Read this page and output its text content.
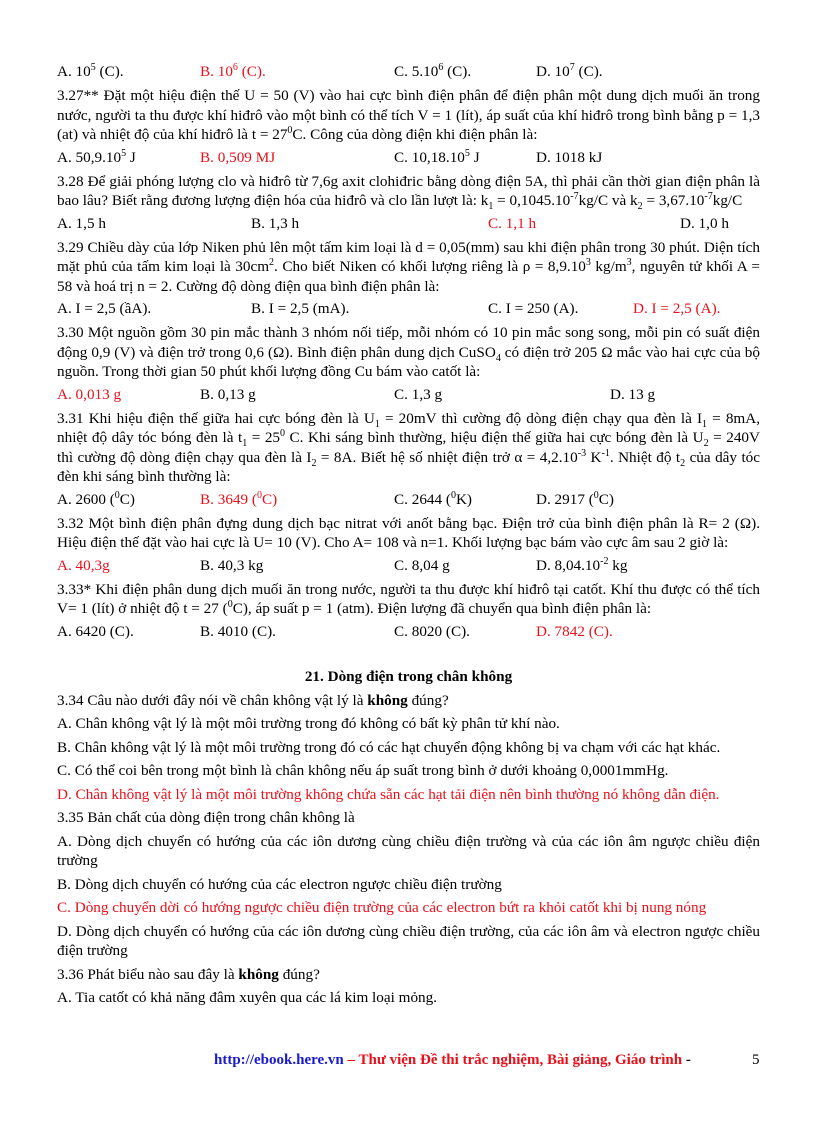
A. $10^5$ (C).	B. $10^6$ (C).	C. 5.10$^6$ (C).	D. $10^7$ (C).

3.27** Đặt một hiệu điện thế U = 50 (V) vào hai cực bình điện phân để điện phân một dung dịch muối ăn trong nước, người ta thu được khí hiđrô vào một bình có thể tích V = 1 (lít), áp suất của khí hiđrô trong bình bằng p = 1,3 (at) và nhiệt độ của khí hiđrô là $t = 27^0C$. Công của dòng điện khi điện phân là:

A. 50,9.10$^5$ J	B. 0,509 MJ	C. 10,18.10$^5$ J	D. 1018 kJ

3.28 Để giải phóng lượng clo và hiđrô từ 7,6g axit clohiđric bằng dòng điện 5A, thì phải cần thời gian điện phân là bao lâu? Biết rằng đương lượng điện hóa của hiđrô và clo lần lượt là: $k_1 = 0,1045.10^{-7}kg/C$ và $k_2 = 3,67.10^{-7}kg/C$

A. 1,5 h	B. 1,3 h	C. 1,1 h	D. 1,0 h

3.29 Chiều dày của lớp Niken phủ lên một tấm kim loại là d = 0,05(mm) sau khi điện phân trong 30 phút. Diện tích mặt phủ của tấm kim loại là $30cm^2$. Cho biết Niken có khối lượng riêng là $\rho = 8,9.10^3$ $kg/m^3$, nguyên tử khối A = 58 và hoá trị n = 2. Cường độ dòng điện qua bình điện phân là:

A. I = 2,5 (ầA).	B. I = 2,5 (mA).	C. I = 250 (A).	D. I = 2,5 (A).

3.30 Một nguồn gồm 30 pin mắc thành 3 nhóm nối tiếp, mỗi nhóm có 10 pin mắc song song, mỗi pin có suất điện động 0,9 (V) và điện trở trong 0,6 (Ω). Bình điện phân dung dịch CuSO$_4$ có điện trở 205 Ω mắc vào hai cực của bộ nguồn. Trong thời gian 50 phút khối lượng đồng Cu bám vào catốt là:

A. 0,013 g	B. 0,13 g	C. 1,3 g	D. 13 g

3.31 Khi hiệu điện thế giữa hai cực bóng đèn là $U_1 = 20mV$ thì cường độ dòng điện chạy qua đèn là $I_1 = 8mA$, nhiệt độ dây tóc bóng đèn là $t_1 = 25^0$ C. Khi sáng bình thường, hiệu điện thế giữa hai cực bóng đèn là $U_2 = 240V$ thì cường độ dòng điện chạy qua đèn là $I_2 = 8A$. Biết hệ số nhiệt điện trở $\alpha = 4,2.10^{-3}$ $K^{-1}$. Nhiệt độ $t_2$ của dây tóc đèn khi sáng bình thường là:

A. 2600 ($^0$C)	B. 3649 ($^0$C)	C. 2644 ($^0$K)	D. 2917 ($^0$C)

3.32 Một bình điện phân đựng dung dịch bạc nitrat với anốt bằng bạc. Điện trở của bình điện phân là R= 2 (Ω). Hiệu điện thế đặt vào hai cực là U= 10 (V). Cho A= 108 và n=1. Khối lượng bạc bám vào cực âm sau 2 giờ là:

A. 40,3g	B. 40,3 kg	C. 8,04 g	D. $8,04.10^{-2}$ kg

3.33* Khi điện phân dung dịch muối ăn trong nước, người ta thu được khí hiđrô tại catốt. Khí thu được có thể tích V= 1 (lít) ở nhiệt độ t = 27 ($^0$C), áp suất p = 1 (atm). Điện lượng đã chuyển qua bình điện phân là:

A. 6420 (C).	B. 4010 (C).	C. 8020 (C).	D. 7842 (C).
21. Dòng điện trong chân không

3.34 Câu nào dưới đây nói về chân không vật lý là không đúng?

A. Chân không vật lý là một môi trường trong đó không có bất kỳ phân tử khí nào.

B. Chân không vật lý là một môi trường trong đó có các hạt chuyển động không bị va chạm với các hạt khác.

C. Có thể coi bên trong một bình là chân không nếu áp suất trong bình ở dưới khoảng 0,0001mmHg.

D. Chân không vật lý là một môi trường không chứa sẵn các hạt tải điện nên bình thường nó không dẫn điện.

3.35 Bản chất của dòng điện trong chân không là

A. Dòng dịch chuyển có hướng của các iôn dương cùng chiều điện trường và của các iôn âm ngược chiều điện trường

B. Dòng dịch chuyển có hướng của các electron ngược chiều điện trường

C. Dòng chuyển dời có hướng ngược chiều điện trường của các electron bứt ra khỏi catốt khi bị nung nóng

D. Dòng dịch chuyển có hướng của các iôn dương cùng chiều điện trường, của các iôn âm và electron ngược chiều điện trường

3.36 Phát biểu nào sau đây là không đúng?

A. Tia catốt có khả năng đâm xuyên qua các lá kim loại mỏng.

http://ebook.here.vn – Thư viện Đề thi trắc nghiệm, Bài giảng, Giáo trình -	5
